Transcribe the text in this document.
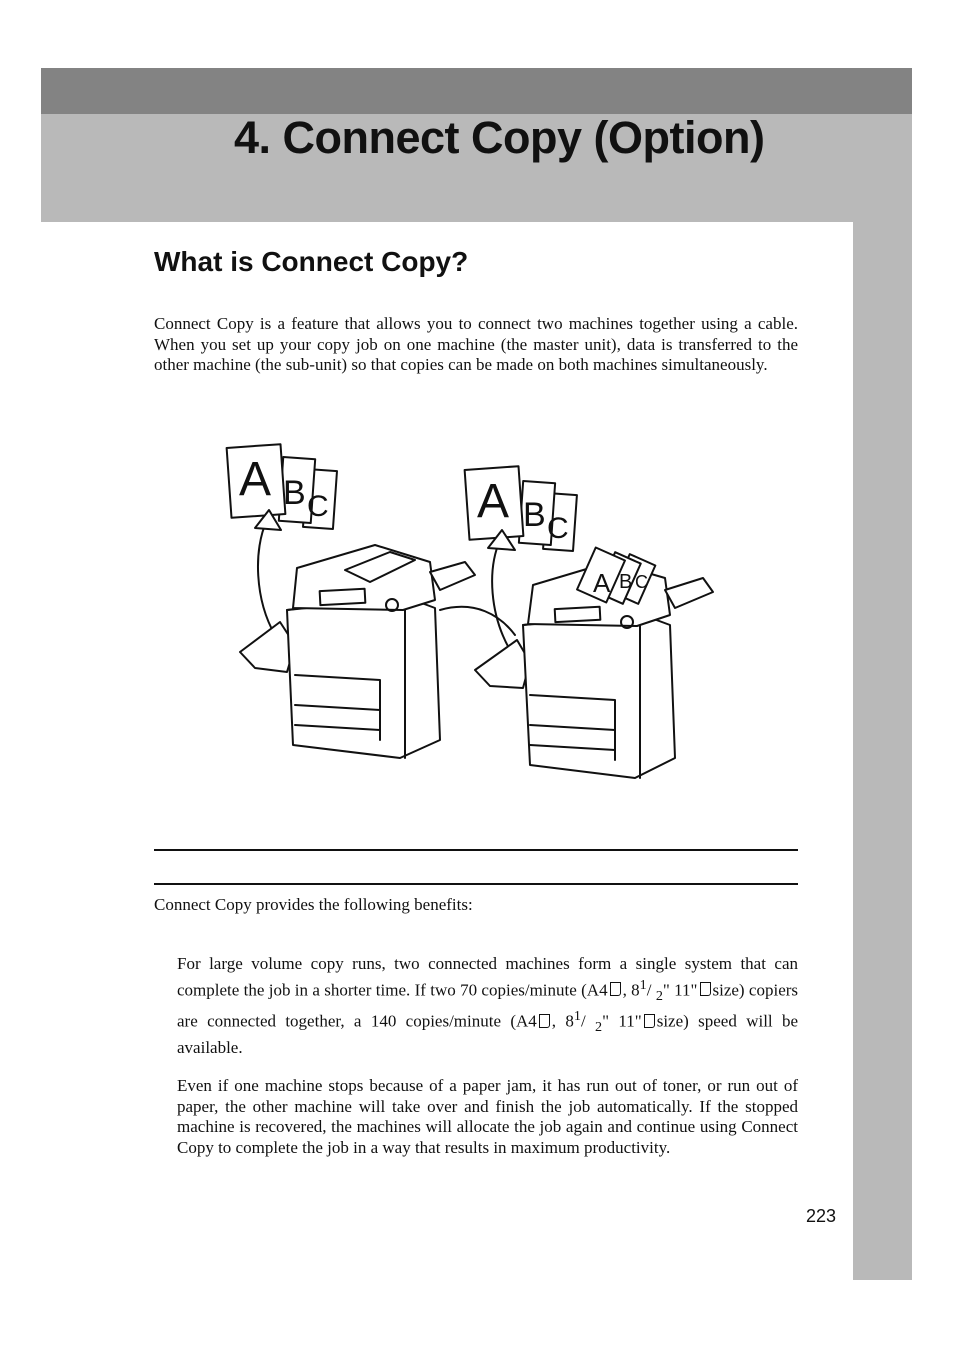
4. Connect Copy (Option)
What is Connect Copy?

Connect Copy is a feature that allows you to connect two machines together using a cable. When you set up your copy job on one machine (the master unit), data is transferred to the other machine (the sub-unit) so that copies can be made on both machines simultaneously.

A B C	A B C
A B C

Connect Copy provides the following benefits:

For large volume copy runs, two connected machines form a single system that can complete the job in a shorter time. If two 70 copies/minute (A4 , $8^1/$ $_2$" 11" size) copiers are connected together, a 140 copies/minute (A4 , $8^1/$ $_2$" 11" size) speed will be available.

Even if one machine stops because of a paper jam, it has run out of toner, or run out of paper, the other machine will take over and finish the job automatically. If the stopped machine is recovered, the machines will allocate the job again and continue using Connect Copy to complete the job in a way that results in maximum productivity.

223
